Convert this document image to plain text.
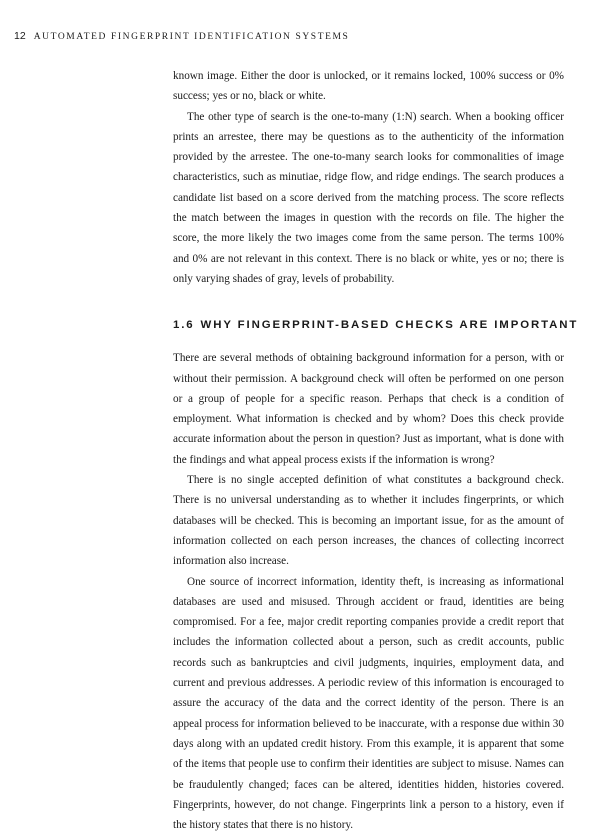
12 AUTOMATED FINGERPRINT IDENTIFICATION SYSTEMS

known image. Either the door is unlocked, or it remains locked, 100% success or 0% success; yes or no, black or white.

The other type of search is the one-to-many (1:N) search. When a booking officer prints an arrestee, there may be questions as to the authenticity of the information provided by the arrestee. The one-to-many search looks for commonalities of image characteristics, such as minutiae, ridge flow, and ridge endings. The search produces a candidate list based on a score derived from the matching process. The score reflects the match between the images in question with the records on file. The higher the score, the more likely the two images come from the same person. The terms 100% and 0% are not relevant in this context. There is no black or white, yes or no; there is only varying shades of gray, levels of probability.

1.6 WHY FINGERPRINT-BASED CHECKS ARE IMPORTANT

There are several methods of obtaining background information for a person, with or without their permission. A background check will often be performed on one person or a group of people for a specific reason. Perhaps that check is a condition of employment. What information is checked and by whom? Does this check provide accurate information about the person in question? Just as important, what is done with the findings and what appeal process exists if the information is wrong?

There is no single accepted definition of what constitutes a background check. There is no universal understanding as to whether it includes fingerprints, or which databases will be checked. This is becoming an important issue, for as the amount of information collected on each person increases, the chances of collecting incorrect information also increase.

One source of incorrect information, identity theft, is increasing as informational databases are used and misused. Through accident or fraud, identities are being compromised. For a fee, major credit reporting companies provide a credit report that includes the information collected about a person, such as credit accounts, public records such as bankruptcies and civil judgments, inquiries, employment data, and current and previous addresses. A periodic review of this information is encouraged to assure the accuracy of the data and the correct identity of the person. There is an appeal process for information believed to be inaccurate, with a response due within 30 days along with an updated credit history. From this example, it is apparent that some of the items that people use to confirm their identities are subject to misuse. Names can be fraudulently changed; faces can be altered, identities hidden, histories covered. Fingerprints, however, do not change. Fingerprints link a person to a history, even if the history states that there is no history.
